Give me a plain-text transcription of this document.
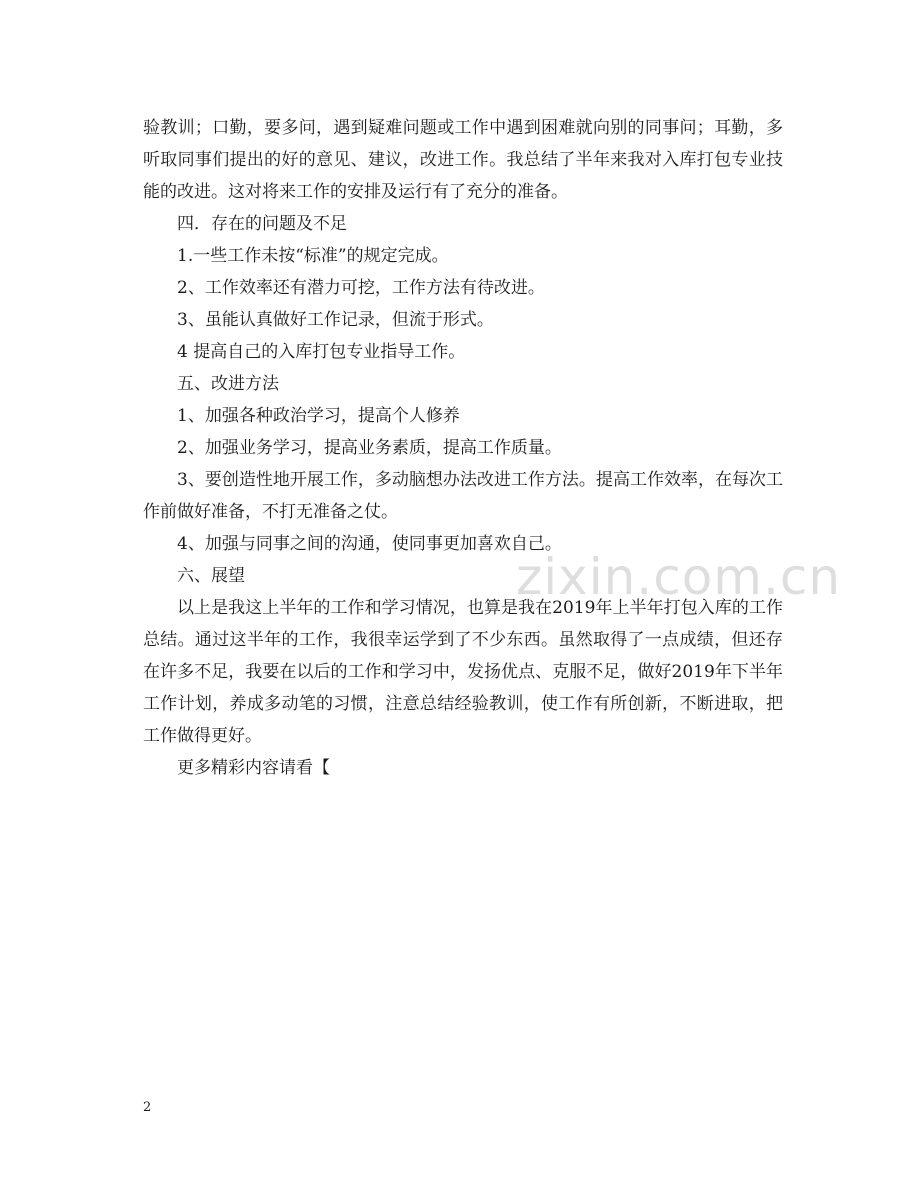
验教训；口勤，要多问，遇到疑难问题或工作中遇到困难就向别的同事问；耳勤，多听取同事们提出的好的意见、建议，改进工作。我总结了半年来我对入库打包专业技能的改进。这对将来工作的安排及运行有了充分的准备。

四．存在的问题及不足

1.一些工作未按“标准”的规定完成。

2、工作效率还有潜力可挖，工作方法有待改进。

3、虽能认真做好工作记录，但流于形式。

4 提高自己的入库打包专业指导工作。

五、改进方法

1、加强各种政治学习，提高个人修养

2、加强业务学习，提高业务素质，提高工作质量。

3、要创造性地开展工作，多动脑想办法改进工作方法。提高工作效率，在每次工作前做好准备，不打无准备之仗。

4、加强与同事之间的沟通，使同事更加喜欢自己。

六、展望

以上是我这上半年的工作和学习情况，也算是我在2019年上半年打包入库的工作总结。通过这半年的工作，我很幸运学到了不少东西。虽然取得了一点成绩，但还存在许多不足，我要在以后的工作和学习中，发扬优点、克服不足，做好2019年下半年工作计划，养成多动笔的习惯，注意总结经验教训，使工作有所创新，不断进取，把工作做得更好。

更多精彩内容请看【

zixin.com.cn
2
